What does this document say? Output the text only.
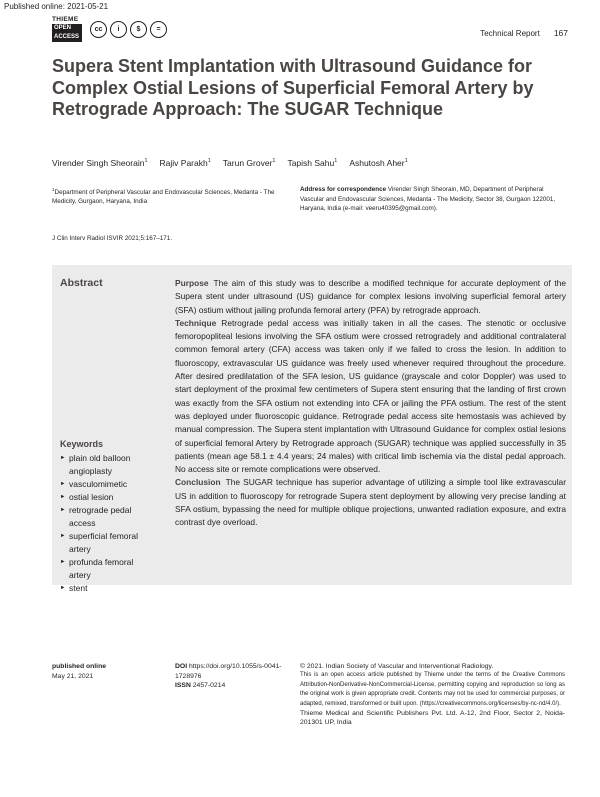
Published online: 2021-05-21
THIEME
OPEN
ACCESS
cc	i	$	=	Technical Report 167
Supera Stent Implantation with Ultrasound Guidance for Complex Ostial Lesions of Superficial Femoral Artery by Retrograde Approach: The SUGAR Technique
Virender Singh Sheorain$^1$ Rajiv Parakh$^1$ Tarun Grover$^1$ Tapish Sahu$^1$ Ashutosh Aher$^1$
$^1$Department of Peripheral Vascular and Endovascular Sciences, Medanta - The Medicity, Gurgaon, Haryana, India
Address for correspondence Virender Singh Sheorain, MD, Department of Peripheral Vascular and Endovascular Sciences, Medanta - The Medicity, Sector 38, Gurgaon 122001, Haryana, India (e-mail: veeru40395@gmail.com).
J Clin Interv Radiol ISVIR 2021;5:167–171.
Abstract
Keywords
► plain old balloon angioplasty
► vasculomimetic
► ostial lesion
► retrograde pedal access
► superficial femoral artery
► profunda femoral artery
► stent

Purpose The aim of this study was to describe a modified technique for accurate deployment of the Supera stent under ultrasound (US) guidance for complex lesions involving superficial femoral artery (SFA) ostium without jailing profunda femoral artery (PFA) by retrograde approach.

Technique Retrograde pedal access was initially taken in all the cases. The stenotic or occlusive femoropopliteal lesions involving the SFA ostium were crossed retrogradely and additional contralateral common femoral artery (CFA) access was taken only if we failed to cross the lesion. In addition to fluoroscopy, extravascular US guidance was freely used whenever required throughout the procedure. After desired predilatation of the SFA lesion, US guidance (grayscale and color Doppler) was used to start deployment of the proximal few centimeters of Supera stent ensuring that the landing of first crown was exactly from the SFA ostium not extending into CFA or jailing the PFA ostium. The rest of the stent was deployed under fluoroscopic guidance. Retrograde pedal access site hemostasis was achieved by manual compression. The Supera stent implantation with Ultrasound Guidance for complex ostial lesions of superficial femoral Artery by Retrograde approach (SUGAR) technique was applied successfully in 35 patients (mean age 58.1 ± 4.4 years; 24 males) with critical limb ischemia via the distal pedal approach. No access site or remote complications were observed.

Conclusion The SUGAR technique has superior advantage of utilizing a simple tool like extravascular US in addition to fluoroscopy for retrograde Supera stent deployment by allowing very precise landing at SFA ostium, bypassing the need for multiple oblique projections, unwanted radiation exposure, and extra contrast dye overload.

published online
May 21, 2021
DOI https://doi.org/10.1055/s-0041-1728976
ISSN 2457-0214
© 2021. Indian Society of Vascular and Interventional Radiology.
This is an open access article published by Thieme under the terms of the Creative Commons Attribution-NonDerivative-NonCommercial-License, permitting copying and reproduction so long as the original work is given appropriate credit. Contents may not be used for commercial purposes, or adapted, remixed, transformed or built upon. (https://creativecommons.org/licenses/by-nc-nd/4.0/).
Thieme Medical and Scientific Publishers Pvt. Ltd. A-12, 2nd Floor, Sector 2, Noida-201301 UP, India
